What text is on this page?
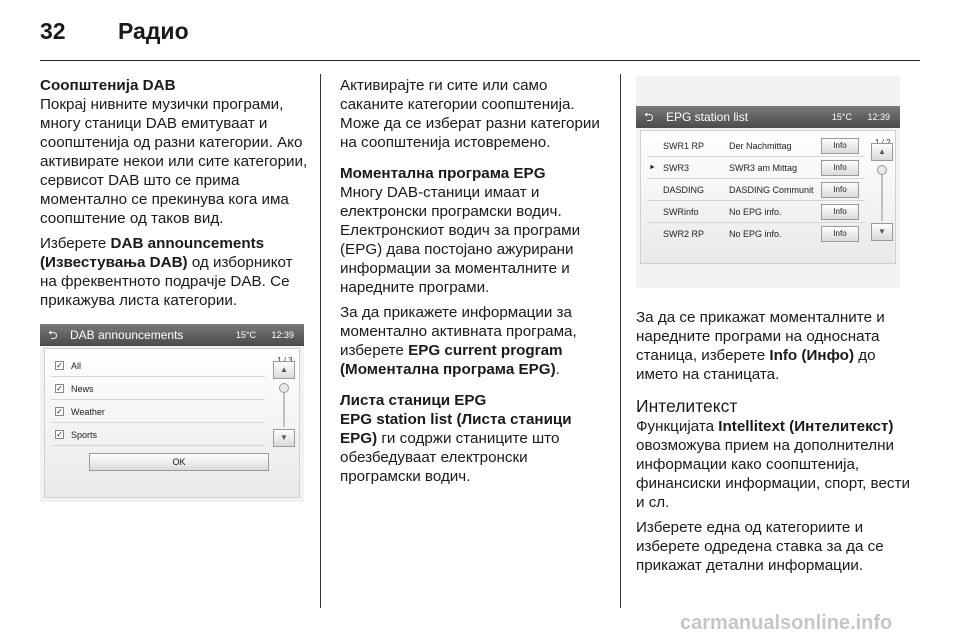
32 Радио

Соопштенија DAB
Покрај нивните музички програми, многу станици DAB емитуваат и соопштенија од разни категории. Ако активирате некои или сите категории, сервисот DAB што се прима моментално се прекинува кога има соопштение од таков вид.

Изберете DAB announcements (Известувања DAB) од изборникот на фреквентното подрачје DAB. Се прикажува листа категории.

⮌ DAB announcements	15°C 12:39
✓ All
✓ News
✓ Weather
✓ Sports
▲
▼
OK

Активирајте ги сите или само саканите категории соопштенија. Може да се изберат разни категории на соопштенија истовремено.

Моментална програма EPG
Многу DAB-станици имаат и електронски програмски водич. Електронскиот водич за програми (EPG) дава постојано ажурирани информации за моменталните и наредните програми.

За да прикажете информации за моментално активната програма, изберете EPG current program (Моментална програма EPG).

Листа станици EPG
EPG station list (Листа станици EPG) ги содржи станиците што обезбедуваат електронски програмски водич.

⮌ EPG station list	15°C 12:39
SWR1 RP	Der Nachmittag	Info
► SWR3	SWR3 am Mittag	Info
DASDING	DASDING Communit	Info
SWRinfo	No EPG info.	Info
SWR2 RP	No EPG info.	Info
▲
▼

За да се прикажат моменталните и наредните програми на односната станица, изберете Info (Инфо) до името на станицата.

Интелитекст

Функцијата Intellitext (Интелитекст) овозможува прием на дополнителни информации како соопштенија, финансиски информации, спорт, вести и сл.

Изберете една од категориите и изберете одредена ставка за да се прикажат детални информации.

carmanualsonline.info
